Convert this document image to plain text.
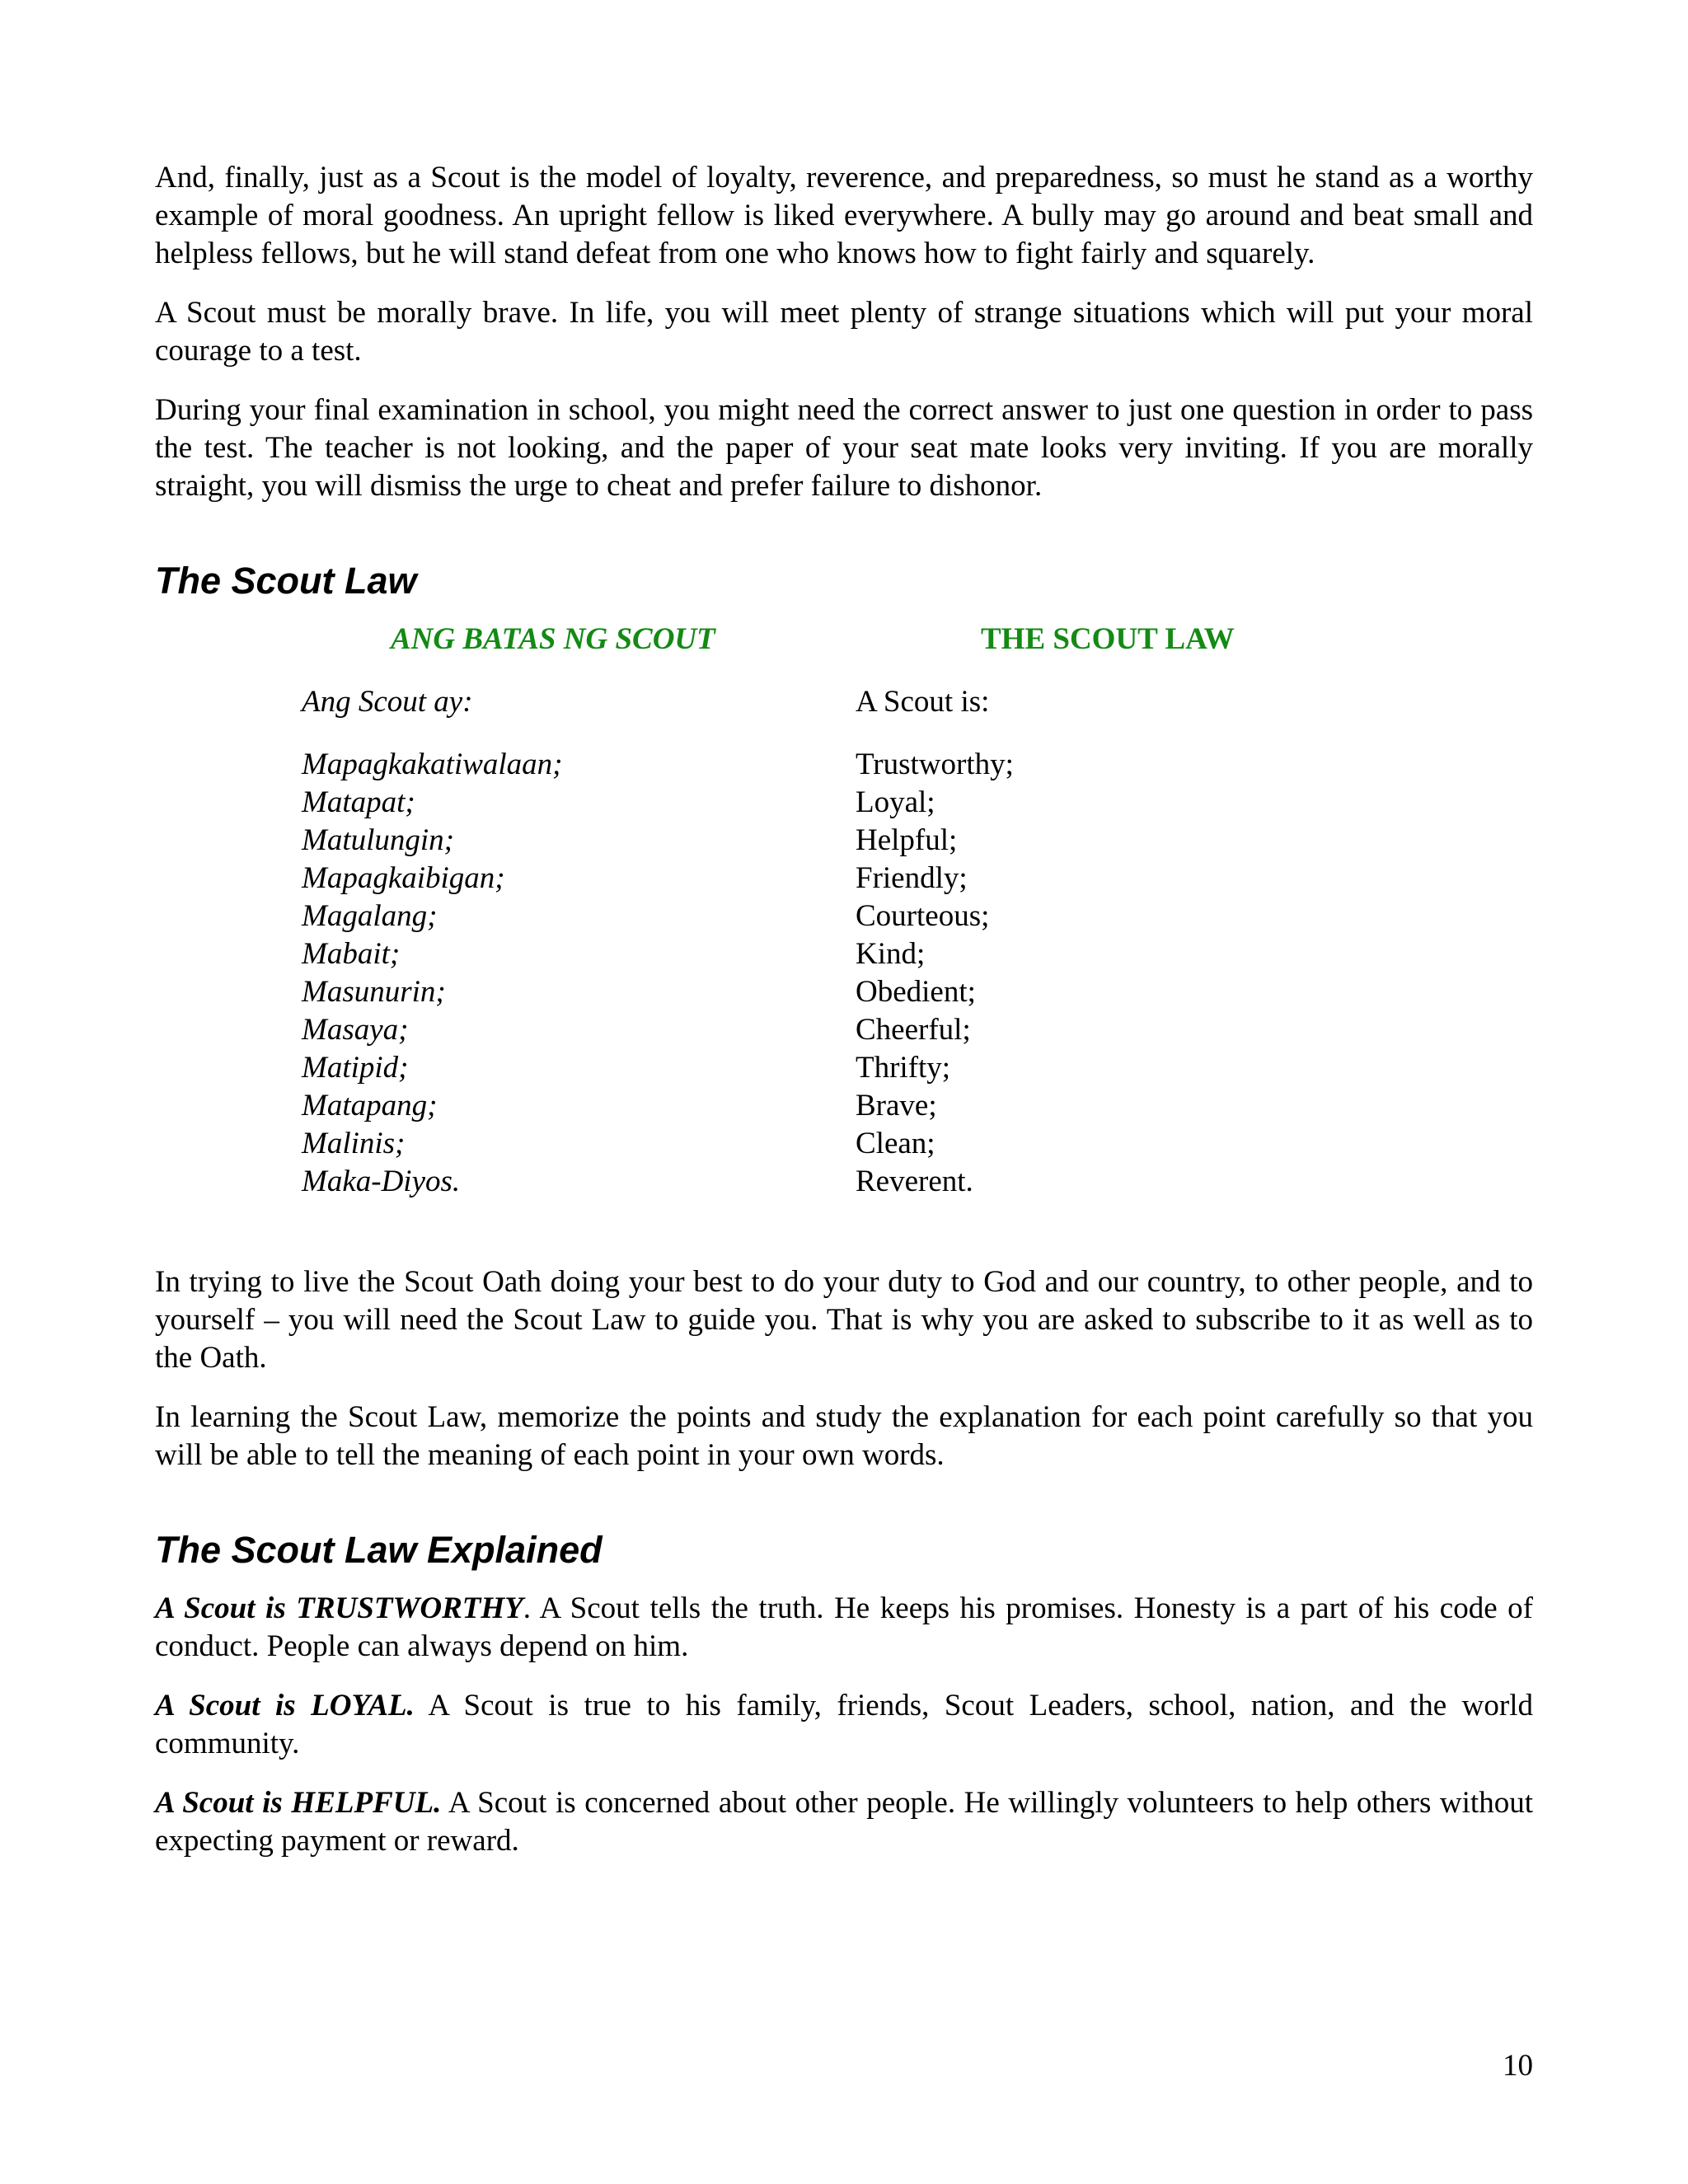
And, finally, just as a Scout is the model of loyalty, reverence, and preparedness, so must he stand as a worthy example of moral goodness. An upright fellow is liked everywhere. A bully may go around and beat small and helpless fellows, but he will stand defeat from one who knows how to fight fairly and squarely.

A Scout must be morally brave. In life, you will meet plenty of strange situations which will put your moral courage to a test.

During your final examination in school, you might need the correct answer to just one question in order to pass the test. The teacher is not looking, and the paper of your seat mate looks very inviting. If you are morally straight, you will dismiss the urge to cheat and prefer failure to dishonor.

The Scout Law
ANG BATAS NG SCOUT
Ang Scout ay:
Mapagkakatiwalaan;
Matapat;
Matulungin;
Mapagkaibigan;
Magalang;
Mabait;
Masunurin;
Masaya;
Matipid;
Matapang;
Malinis;
Maka-Diyos.
THE SCOUT LAW
A Scout is:
Trustworthy;
Loyal;
Helpful;
Friendly;
Courteous;
Kind;
Obedient;
Cheerful;
Thrifty;
Brave;
Clean;
Reverent.

In trying to live the Scout Oath doing your best to do your duty to God and our country, to other people, and to yourself – you will need the Scout Law to guide you. That is why you are asked to subscribe to it as well as to the Oath.

In learning the Scout Law, memorize the points and study the explanation for each point carefully so that you will be able to tell the meaning of each point in your own words.

The Scout Law Explained

A Scout is TRUSTWORTHY. A Scout tells the truth. He keeps his promises. Honesty is a part of his code of conduct. People can always depend on him.

A Scout is LOYAL. A Scout is true to his family, friends, Scout Leaders, school, nation, and the world community.

A Scout is HELPFUL. A Scout is concerned about other people. He willingly volunteers to help others without expecting payment or reward.

10
